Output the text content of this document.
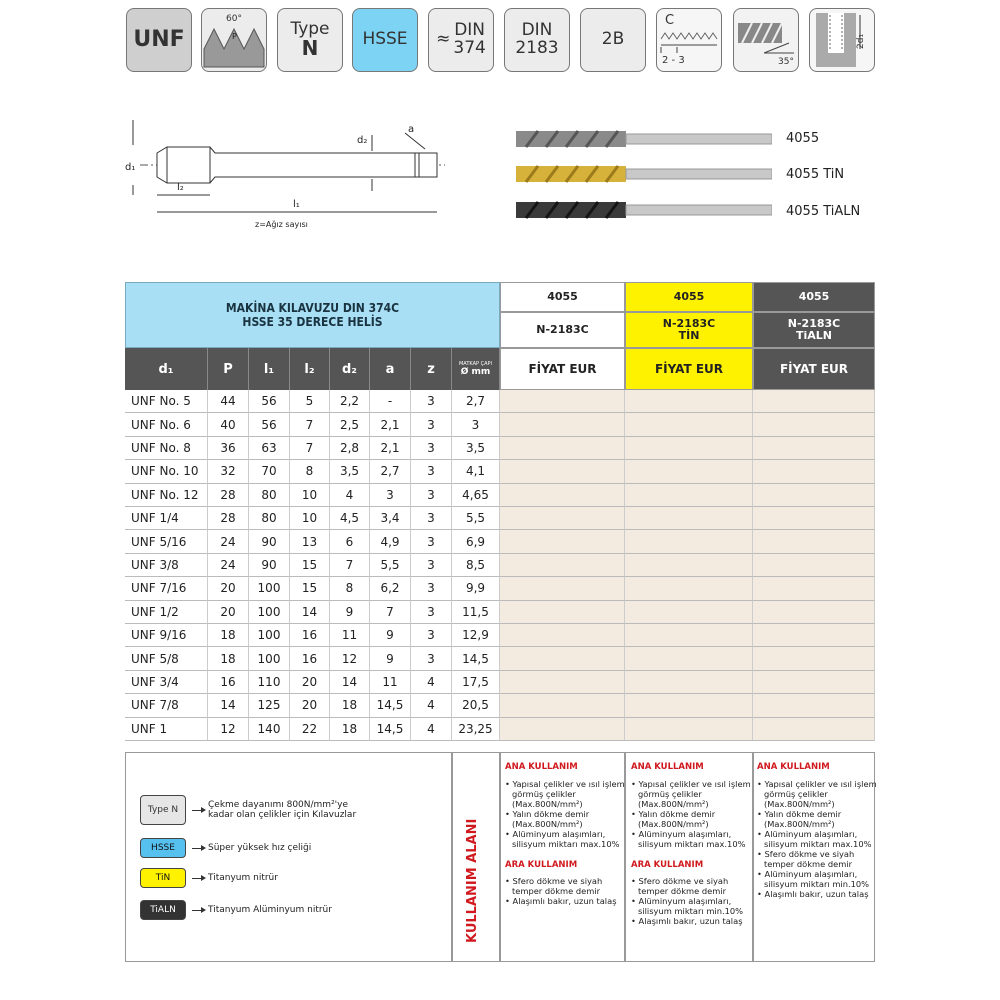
UNF
60°
P	Type
N	HSSE ≈ DIN
374
DIN
2183	2B
C
2 - 3	35°
2d₁
d₁
d₂
a
l₂
l₁
z=Ağız sayısı
4055
4055 TiN
4055 TiALN
MAKİNA KILAVUZU DIN 374C
HSSE 35 DERECE HELİS
4055
N-2183C
FİYAT EUR
4055
N-2183C
TİN
FİYAT EUR
4055
N-2183C
TiALN
FİYAT EUR
d₁	P	l₁	l₂	d₂	a	z	MATKAP ÇAPI
Ø mm
UNF No. 5	44	56	5	2,2	-	3	2,7
UNF No. 6	40	56	7	2,5	2,1	3	3
UNF No. 8	36	63	7	2,8	2,1	3	3,5
UNF No. 10	32	70	8	3,5	2,7	3	4,1
UNF No. 12	28	80	10	4	3	3	4,65
UNF 1/4	28	80	10	4,5	3,4	3	5,5
UNF 5/16	24	90	13	6	4,9	3	6,9
UNF 3/8	24	90	15	7	5,5	3	8,5
UNF 7/16	20	100	15	8	6,2	3	9,9
UNF 1/2	20	100	14	9	7	3	11,5
UNF 9/16	18	100	16	11	9	3	12,9
UNF 5/8	18	100	16	12	9	3	14,5
UNF 3/4	16	110	20	14	11	4	17,5
UNF 7/8	14	125	20	18	14,5	4	20,5
UNF 1	12	140	22	18	14,5	4	23,25
KULLANIM ALANI
Type N	Çekme dayanımı 800N/mm²'ye kadar olan çelikler için Kılavuzlar
HSSE	Süper yüksek hız çeliği
TiN	Titanyum nitrür
TiALN	Titanyum Alüminyum nitrür
ANA KULLANIM
• Yapısal çelikler ve ısıl işlem görmüş çelikler (Max.800N/mm²)
• Yalın dökme demir (Max.800N/mm²)
• Alüminyum alaşımları, silisyum miktarı max.10%
ARA KULLANIM
• Sfero dökme ve siyah temper dökme demir
• Alaşımlı bakır, uzun talaş
ANA KULLANIM
• Yapısal çelikler ve ısıl işlem görmüş çelikler (Max.800N/mm²)
• Yalın dökme demir (Max.800N/mm²)
• Alüminyum alaşımları, silisyum miktarı max.10%
ARA KULLANIM
• Sfero dökme ve siyah temper dökme demir
• Alüminyum alaşımları, silisyum miktarı min.10%
• Alaşımlı bakır, uzun talaş
ANA KULLANIM
• Yapısal çelikler ve ısıl işlem görmüş çelikler (Max.800N/mm²)
• Yalın dökme demir (Max.800N/mm²)
• Alüminyum alaşımları, silisyum miktarı max.10%
• Sfero dökme ve siyah temper dökme demir
• Alüminyum alaşımları, silisyum miktarı min.10%
• Alaşımlı bakır, uzun talaş
